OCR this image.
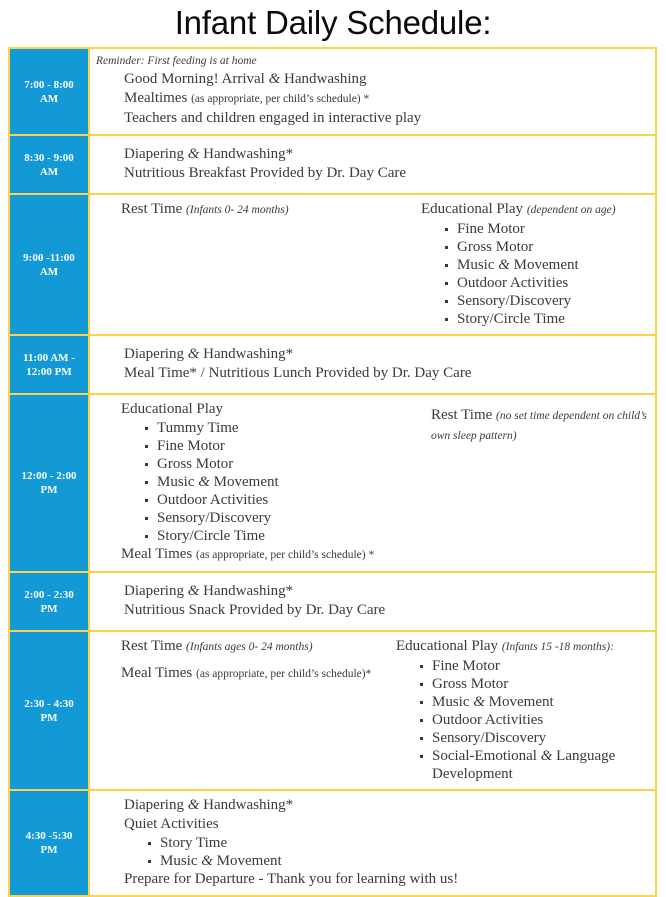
Infant Daily Schedule:
7:00 - 8:00
AM

Reminder: First feeding is at home
Good Morning! Arrival & Handwashing
Mealtimes (as appropriate, per child’s schedule) *
Teachers and children engaged in interactive play

8:30 - 9:00
AM

Diapering & Handwashing*
Nutritious Breakfast Provided by Dr. Day Care

9:00 -11:00
AM

Rest Time (Infants 0- 24 months)	Educational Play (dependent on age)
Fine Motor
Gross Motor
Music & Movement
Outdoor Activities
Sensory/Discovery
Story/Circle Time

11:00 AM -
12:00 PM

Diapering & Handwashing*
Meal Time* / Nutritious Lunch Provided by Dr. Day Care

12:00 - 2:00
PM

Educational Play
Tummy Time
Fine Motor
Gross Motor
Music & Movement
Outdoor Activities
Sensory/Discovery
Story/Circle Time
Meal Times (as appropriate, per child’s schedule) *
Rest Time (no set time dependent on child’s own sleep pattern)

2:00 - 2:30
PM

Diapering & Handwashing*
Nutritious Snack Provided by Dr. Day Care

2:30 - 4:30
PM

Rest Time (Infants ages 0- 24 months)
Meal Times (as appropriate, per child’s schedule)*
Educational Play (Infants 15 -18 months):
Fine Motor
Gross Motor
Music & Movement
Outdoor Activities
Sensory/Discovery
Social-Emotional & Language Development

4:30 -5:30
PM

Diapering & Handwashing*
Quiet Activities
Story Time
Music & Movement
Prepare for Departure - Thank you for learning with us!
